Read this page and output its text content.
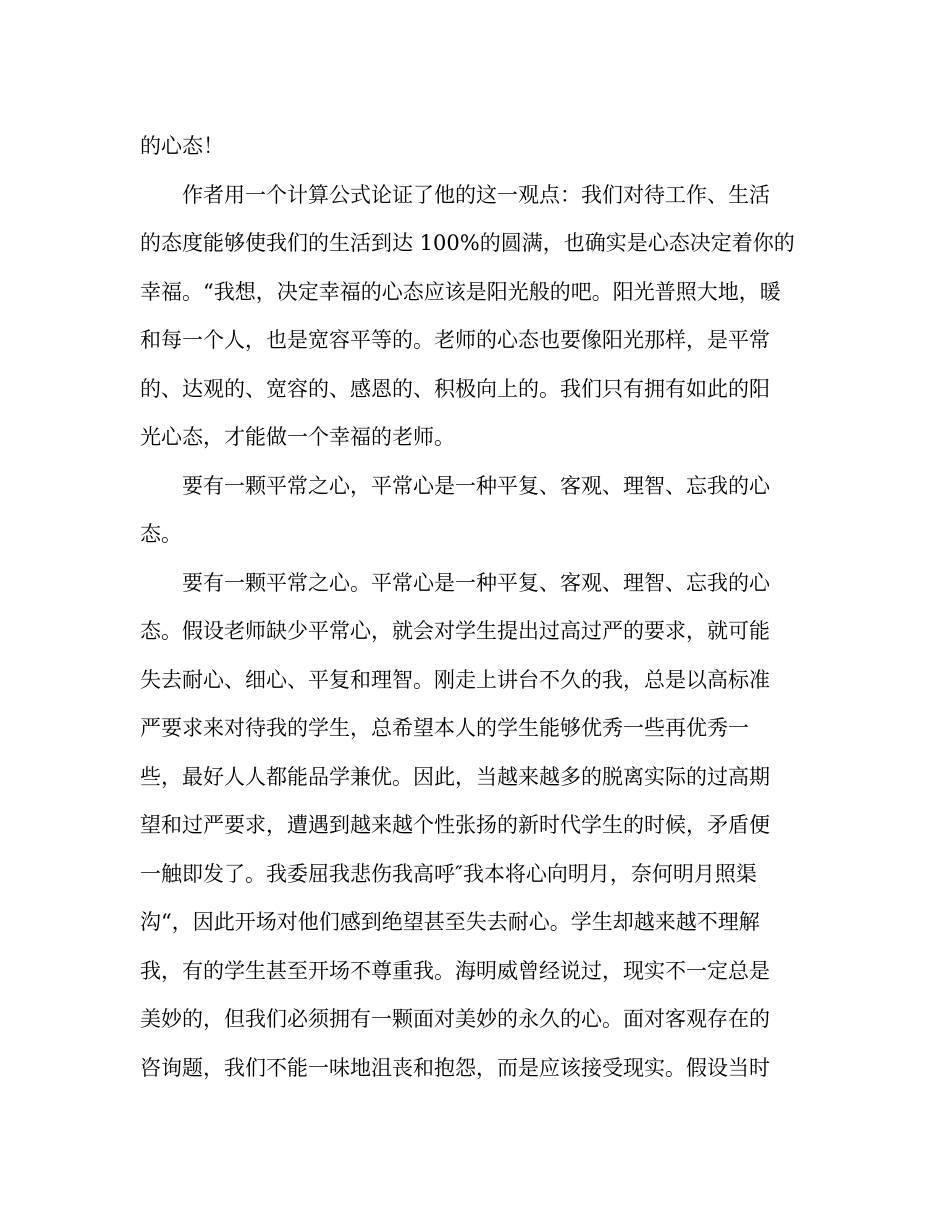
的心态！
作者用一个计算公式论证了他的这一观点：我们对待工作、生活
的态度能够使我们的生活到达 100%的圆满，也确实是心态决定着你的
幸福。“我想，决定幸福的心态应该是阳光般的吧。阳光普照大地，暖
和每一个人，也是宽容平等的。老师的心态也要像阳光那样，是平常
的、达观的、宽容的、感恩的、积极向上的。我们只有拥有如此的阳
光心态，才能做一个幸福的老师。
要有一颗平常之心，平常心是一种平复、客观、理智、忘我的心
态。
要有一颗平常之心。平常心是一种平复、客观、理智、忘我的心
态。假设老师缺少平常心，就会对学生提出过高过严的要求，就可能
失去耐心、细心、平复和理智。刚走上讲台不久的我，总是以高标准
严要求来对待我的学生，总希望本人的学生能够优秀一些再优秀一
些，最好人人都能品学兼优。因此，当越来越多的脱离实际的过高期
望和过严要求，遭遇到越来越个性张扬的新时代学生的时候，矛盾便
一触即发了。我委屈我悲伤我高呼″我本将心向明月，奈何明月照渠
沟“，因此开场对他们感到绝望甚至失去耐心。学生却越来越不理解
我，有的学生甚至开场不尊重我。海明威曾经说过，现实不一定总是
美妙的，但我们必须拥有一颗面对美妙的永久的心。面对客观存在的
咨询题，我们不能一味地沮丧和抱怨，而是应该接受现实。假设当时
